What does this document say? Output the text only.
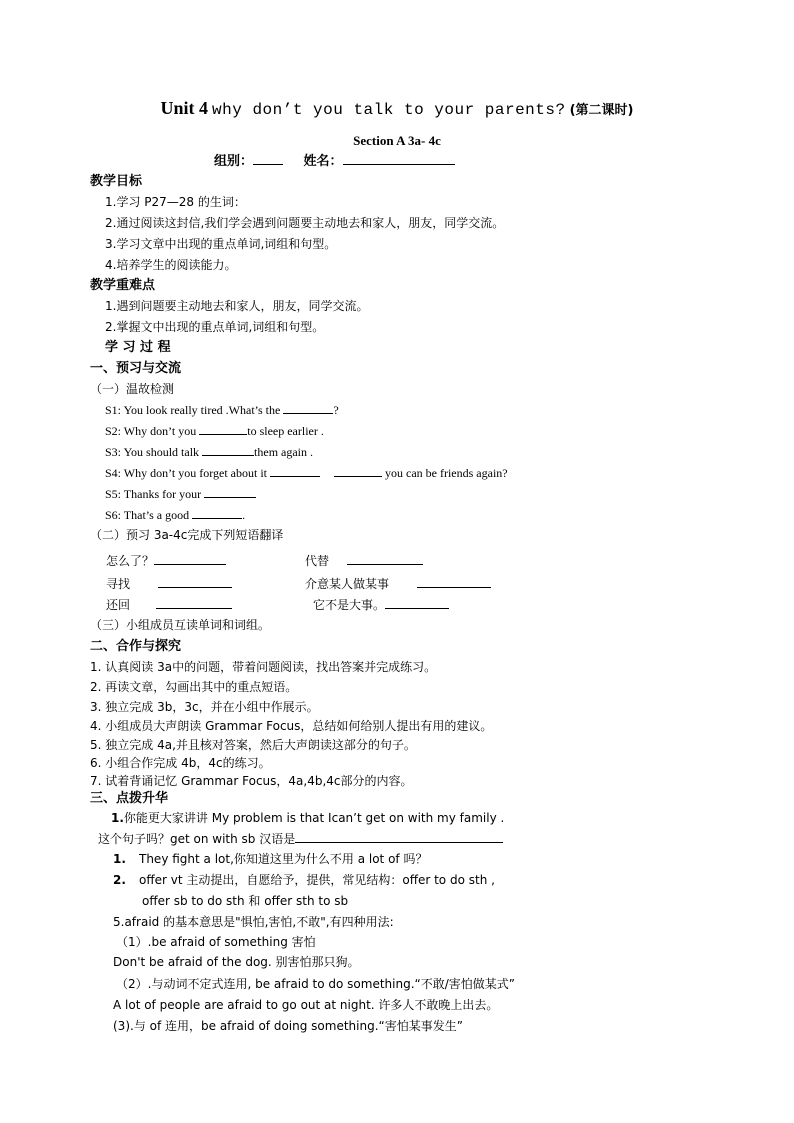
Unit 4 why don’t you talk to your parents? (第二课时)
Section A 3a- 4c
组别：	姓名：
教学目标
1.学习 P27—28 的生词：
2.通过阅读这封信,我们学会遇到问题要主动地去和家人，朋友，同学交流。
3.学习文章中出现的重点单词,词组和句型。
4.培养学生的阅读能力。
教学重难点
1.遇到问题要主动地去和家人，朋友，同学交流。
2.掌握文中出现的重点单词,词组和句型。
学 习 过 程
一、预习与交流
（一）温故检测
S1: You look really tired .What’s the	?
S2: Why don’t you	to sleep earlier .
S3: You should talk	them again .
S4: Why don’t you forget about it	you can be friends again?
S5: Thanks for your
S6: That’s a good	.
（二）预习 3a-4c完成下列短语翻译
怎么了？	代替
寻找	介意某人做某事
还回	它不是大事。
（三）小组成员互读单词和词组。
二、合作与探究
1. 认真阅读 3a中的问题，带着问题阅读，找出答案并完成练习。
2. 再读文章，勾画出其中的重点短语。
3. 独立完成 3b，3c，并在小组中作展示。
4. 小组成员大声朗读 Grammar Focus，总结如何给别人提出有用的建议。
5. 独立完成 4a,并且核对答案，然后大声朗读这部分的句子。
6. 小组合作完成 4b，4c的练习。
7. 试着背诵记忆 Grammar Focus，4a,4b,4c部分的内容。
三、点拨升华
1.你能更大家讲讲 My problem is that Ican’t get on with my family .
这个句子吗？get on with sb 汉语是
1. They fight a lot,你知道这里为什么不用 a lot of 吗？
2. offer vt 主动提出，自愿给予，提供，常见结构：offer to do sth ,
offer sb to do sth 和 offer sth to sb
5.afraid 的基本意思是"惧怕,害怕,不敢",有四种用法:
（1）.be afraid of something 害怕
Don't be afraid of the dog. 别害怕那只狗。
（2）.与动词不定式连用, be afraid to do something.“不敢/害怕做某式”
A lot of people are afraid to go out at night. 许多人不敢晚上出去。
(3).与 of 连用，be afraid of doing something.“害怕某事发生”
